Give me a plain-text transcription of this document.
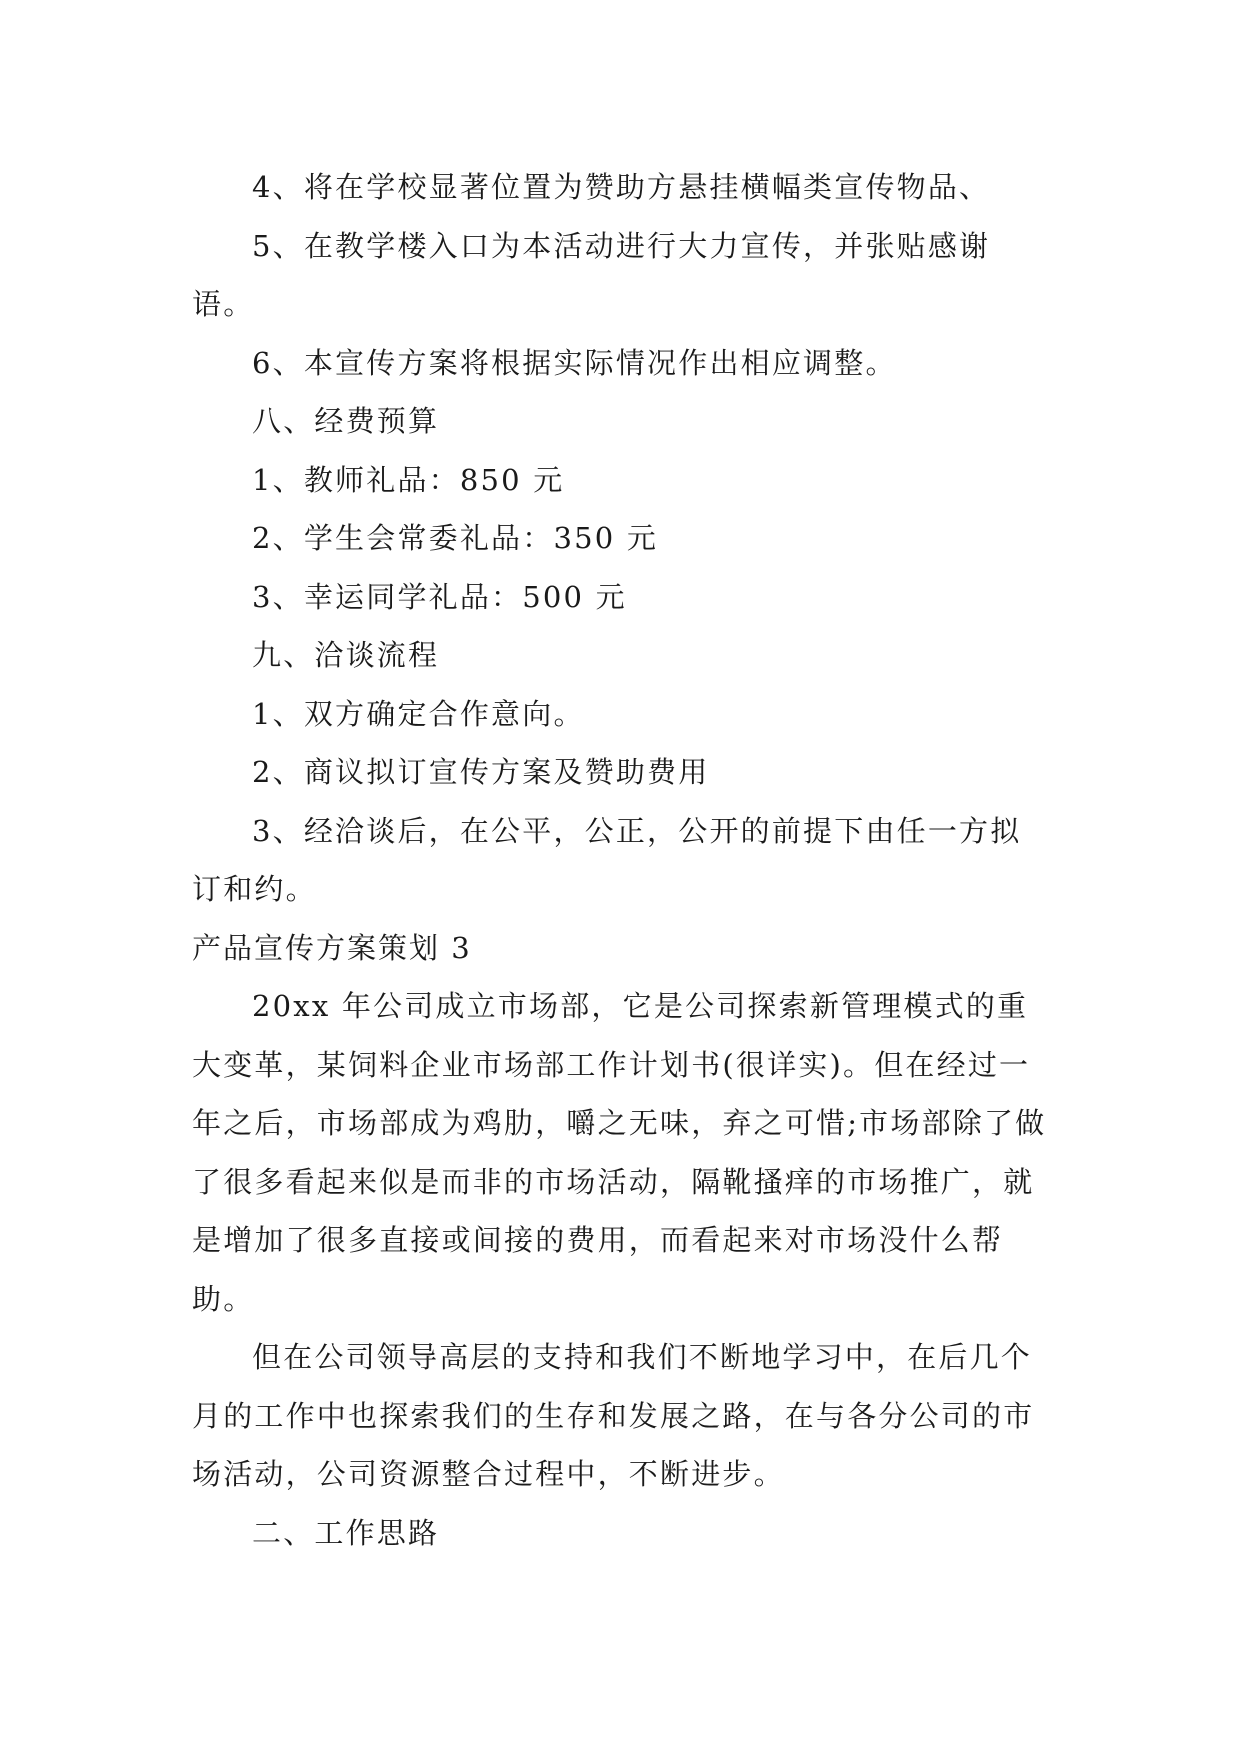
4、将在学校显著位置为赞助方悬挂横幅类宣传物品、

5、在教学楼入口为本活动进行大力宣传，并张贴感谢语。

6、本宣传方案将根据实际情况作出相应调整。

八、经费预算

1、教师礼品：850 元

2、学生会常委礼品：350 元

3、幸运同学礼品：500 元

九、洽谈流程

1、双方确定合作意向。

2、商议拟订宣传方案及赞助费用

3、经洽谈后，在公平，公正，公开的前提下由任一方拟订和约。

产品宣传方案策划 3

20xx 年公司成立市场部，它是公司探索新管理模式的重大变革，某饲料企业市场部工作计划书(很详实)。但在经过一年之后，市场部成为鸡肋，嚼之无味，弃之可惜;市场部除了做了很多看起来似是而非的市场活动，隔靴搔痒的市场推广，就是增加了很多直接或间接的费用，而看起来对市场没什么帮助。

但在公司领导高层的支持和我们不断地学习中，在后几个月的工作中也探索我们的生存和发展之路，在与各分公司的市场活动，公司资源整合过程中，不断进步。

二、工作思路
